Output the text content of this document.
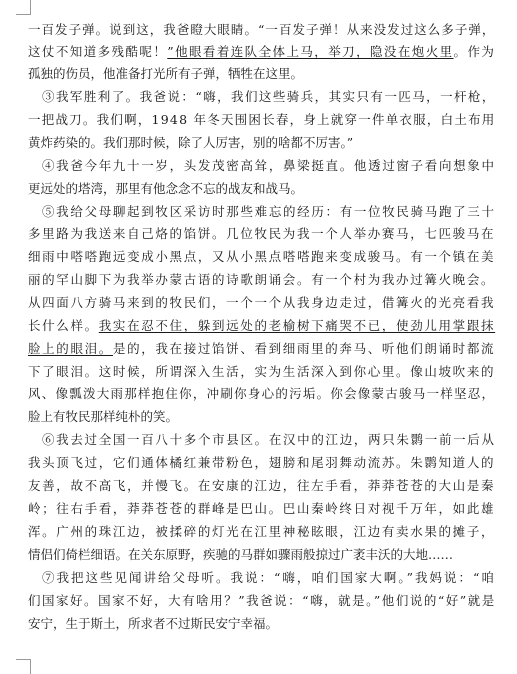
一百发子弹。说到这，我爸瞪大眼睛。“一百发子弹！从来没发过这么多子弹，
这仗不知道多残酷呢！”他眼看着连队全体上马，举刀，隐没在炮火里。作为
孤独的伤员，他准备打光所有子弹，牺牲在这里。
③我军胜利了。我爸说：“嗨，我们这些骑兵，其实只有一匹马，一杆枪，
一把战刀。我们啊，1948 年冬天围困长春，身上就穿一件单衣服，白土布用
黄炸药染的。我们那时候，除了人厉害，别的啥都不厉害。”
④我爸今年九十一岁，头发茂密高耸，鼻梁挺直。他透过窗子看向想象中
更远处的塔湾，那里有他念念不忘的战友和战马。
⑤我给父母聊起到牧区采访时那些难忘的经历：有一位牧民骑马跑了三十
多里路为我送来自己烙的馅饼。几位牧民为我一个人举办赛马，七匹骏马在
细雨中嗒嗒跑远变成小黑点，又从小黑点嗒嗒跑来变成骏马。有一个镇在美
丽的罕山脚下为我举办蒙古语的诗歌朗诵会。有一个村为我办过篝火晚会。
从四面八方骑马来到的牧民们，一个一个从我身边走过，借篝火的光亮看我
长什么样。我实在忍不住，躲到远处的老榆树下痛哭不已，使劲儿用掌跟抹
脸上的眼泪。是的，我在接过馅饼、看到细雨里的奔马、听他们朗诵时都流
下了眼泪。这时候，所谓深入生活，实为生活深入到你心里。像山坡吹来的
风、像瓢泼大雨那样抱住你，冲刷你身心的污垢。你会像蒙古骏马一样坚忍，
脸上有牧民那样纯朴的笑。
⑥我去过全国一百八十多个市县区。在汉中的江边，两只朱鹮一前一后从
我头顶飞过，它们通体橘红兼带粉色，翅膀和尾羽舞动流苏。朱鹮知道人的
友善，故不高飞，并慢飞。在安康的江边，往左手看，莽莽苍苍的大山是秦
岭；往右手看，莽莽苍苍的群峰是巴山。巴山秦岭终日对视千万年，如此雄
浑。广州的珠江边，被揉碎的灯光在江里神秘眩眼，江边有卖水果的摊子，
情侣们倚栏细语。在关东原野，疾驰的马群如骤雨般掠过广袤丰沃的大地……
⑦我把这些见闻讲给父母听。我说：“嗨，咱们国家大啊。”我妈说：“咱
们国家好。国家不好，大有啥用？”我爸说：“嗨，就是。”他们说的“好”就是
安宁，生于斯土，所求者不过斯民安宁幸福。
